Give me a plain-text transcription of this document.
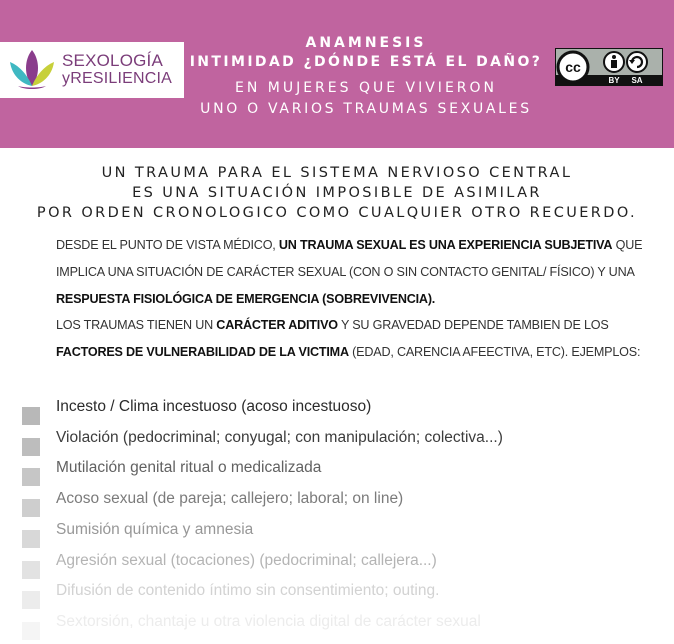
SEXOLOGÍA
yRESILIENCIA
ANAMNESIS
INTIMIDAD ¿DÓNDE ESTÁ EL DAÑO?
EN MUJERES QUE VIVIERON
UNO O VARIOS TRAUMAS SEXUALES
cc
BY SA
UN TRAUMA PARA EL SISTEMA NERVIOSO CENTRAL
ES UNA SITUACIÓN IMPOSIBLE DE ASIMILAR
POR ORDEN CRONOLOGICO COMO CUALQUIER OTRO RECUERDO.
DESDE EL PUNTO DE VISTA MÉDICO, UN TRAUMA SEXUAL ES UNA EXPERIENCIA SUBJETIVA QUE IMPLICA UNA SITUACIÓN DE CARÁCTER SEXUAL (CON O SIN CONTACTO GENITAL/ FÍSICO) Y UNA RESPUESTA FISIOLÓGICA DE EMERGENCIA (SOBREVIVENCIA).
LOS TRAUMAS TIENEN UN CARÁCTER ADITIVO Y SU GRAVEDAD DEPENDE TAMBIEN DE LOS FACTORES DE VULNERABILIDAD DE LA VICTIMA (EDAD, CARENCIA AFEECTIVA, ETC). EJEMPLOS:
Incesto / Clima incestuoso (acoso incestuoso)
Violación (pedocriminal; conyugal; con manipulación; colectiva...)
Mutilación genital ritual o medicalizada
Acoso sexual (de pareja; callejero; laboral; on line)
Sumisión química y amnesia
Agresión sexual (tocaciones) (pedocriminal; callejera...)
Difusión de contenido íntimo sin consentimiento; outing.
Sextorsión, chantaje u otra violencia digital de carácter sexual
